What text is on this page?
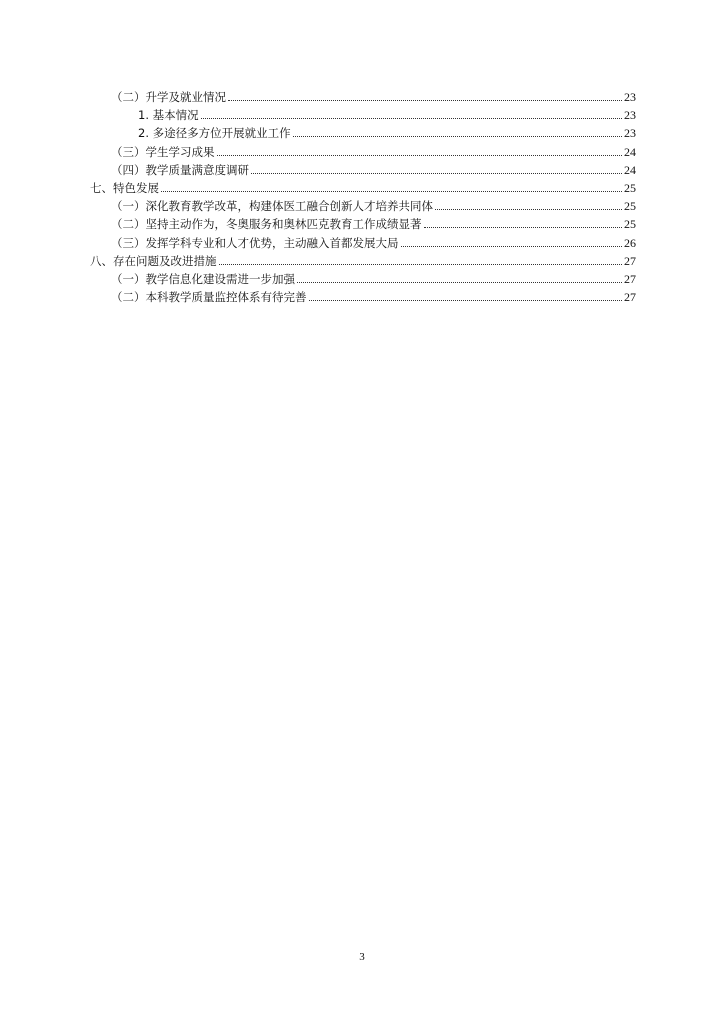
（二）升学及就业情况	23
1. 基本情况	23
2. 多途径多方位开展就业工作	23
（三）学生学习成果	24
（四）教学质量满意度调研	24
七、特色发展	25
（一）深化教育教学改革，构建体医工融合创新人才培养共同体	25
（二）坚持主动作为，冬奥服务和奥林匹克教育工作成绩显著	25
（三）发挥学科专业和人才优势，主动融入首都发展大局	26
八、存在问题及改进措施	27
（一）教学信息化建设需进一步加强	27
（二）本科教学质量监控体系有待完善	27
3
